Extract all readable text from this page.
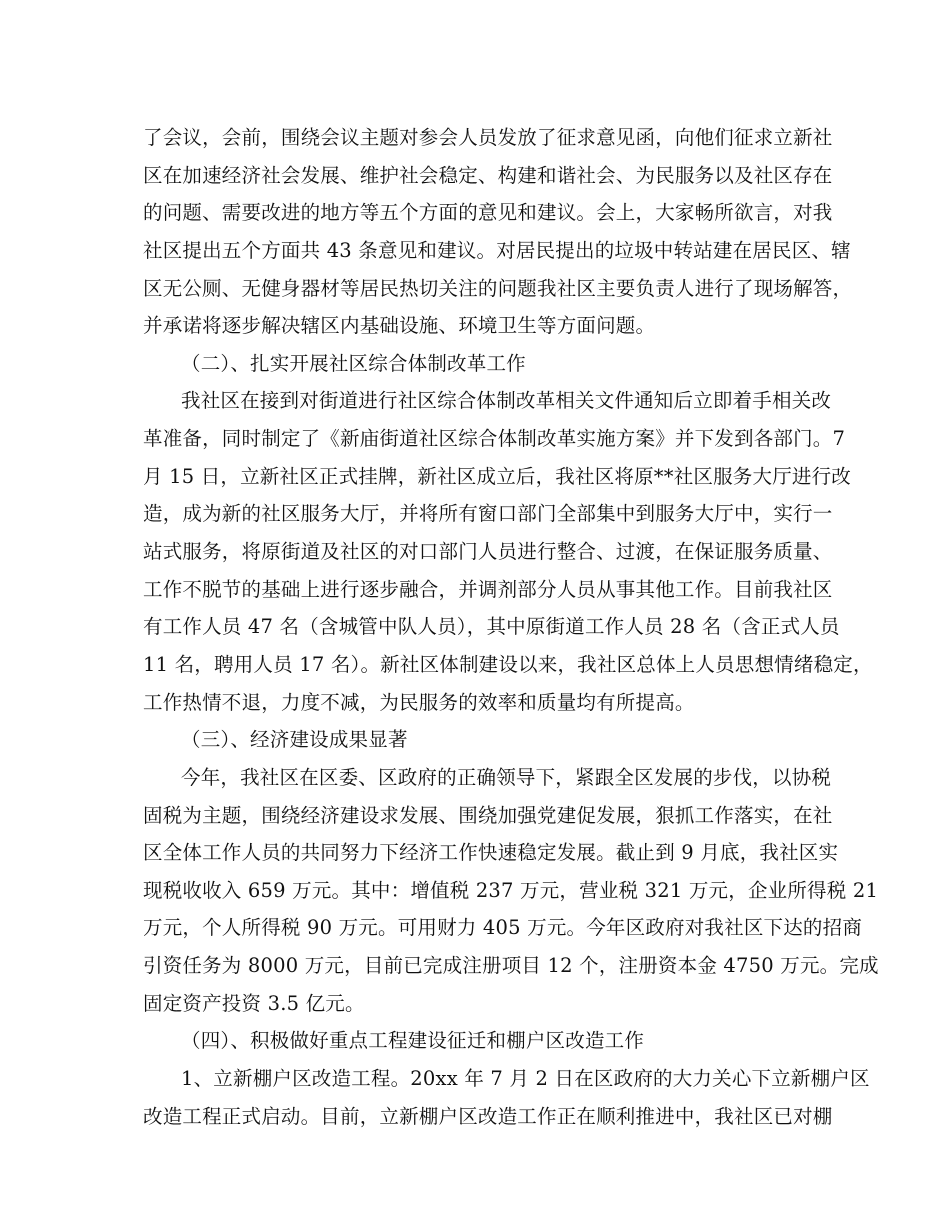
了会议，会前，围绕会议主题对参会人员发放了征求意见函，向他们征求立新社
区在加速经济社会发展、维护社会稳定、构建和谐社会、为民服务以及社区存在
的问题、需要改进的地方等五个方面的意见和建议。会上，大家畅所欲言，对我
社区提出五个方面共 43 条意见和建议。对居民提出的垃圾中转站建在居民区、辖
区无公厕、无健身器材等居民热切关注的问题我社区主要负责人进行了现场解答，
并承诺将逐步解决辖区内基础设施、环境卫生等方面问题。
（二）、扎实开展社区综合体制改革工作
我社区在接到对街道进行社区综合体制改革相关文件通知后立即着手相关改
革准备，同时制定了《新庙街道社区综合体制改革实施方案》并下发到各部门。7
月 15 日，立新社区正式挂牌，新社区成立后，我社区将原**社区服务大厅进行改
造，成为新的社区服务大厅，并将所有窗口部门全部集中到服务大厅中，实行一
站式服务，将原街道及社区的对口部门人员进行整合、过渡，在保证服务质量、
工作不脱节的基础上进行逐步融合，并调剂部分人员从事其他工作。目前我社区
有工作人员 47 名（含城管中队人员），其中原街道工作人员 28 名（含正式人员
11 名，聘用人员 17 名）。新社区体制建设以来，我社区总体上人员思想情绪稳定，
工作热情不退，力度不减，为民服务的效率和质量均有所提高。
（三）、经济建设成果显著
今年，我社区在区委、区政府的正确领导下，紧跟全区发展的步伐，以协税
固税为主题，围绕经济建设求发展、围绕加强党建促发展，狠抓工作落实，在社
区全体工作人员的共同努力下经济工作快速稳定发展。截止到 9 月底，我社区实
现税收收入 659 万元。其中：增值税 237 万元，营业税 321 万元，企业所得税 21
万元，个人所得税 90 万元。可用财力 405 万元。今年区政府对我社区下达的招商
引资任务为 8000 万元，目前已完成注册项目 12 个，注册资本金 4750 万元。完成
固定资产投资 3.5 亿元。
（四）、积极做好重点工程建设征迁和棚户区改造工作
1、立新棚户区改造工程。20xx 年 7 月 2 日在区政府的大力关心下立新棚户区
改造工程正式启动。目前，立新棚户区改造工作正在顺利推进中，我社区已对棚
